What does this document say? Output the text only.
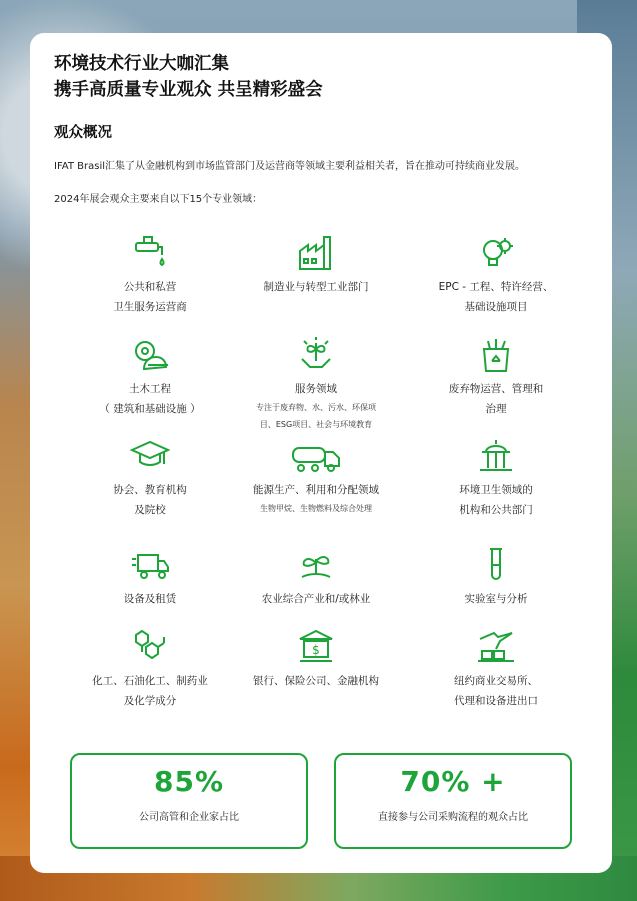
环境技术行业大咖汇集
携手高质量专业观众 共呈精彩盛会
观众概况
IFAT Brasil汇集了从金融机构到市场监管部门及运营商等领域主要利益相关者，旨在推动可持续商业发展。
2024年展会观众主要来自以下15个专业领域：
公共和私营
卫生服务运营商
制造业与转型工业部门	EPC - 工程、特许经营、
基础设施项目
土木工程
（ 建筑和基础设施 ）
服务领域
专注于废弃物、水、污水、环保项
目、ESG项目、社会与环境教育
废弃物运营、管理和
治理
协会、教育机构
及院校
能源生产、利用和分配领域
生物甲烷、生物燃料及综合处理
环境卫生领域的
机构和公共部门
设备及租赁	农业综合产业和/或林业	实验室与分析
化工、石油化工、制药业
及化学成分
$
银行、保险公司、金融机构	纽约商业交易所、
代理和设备进出口
85%
公司高管和企业家占比
70% +
直接参与公司采购流程的观众占比
